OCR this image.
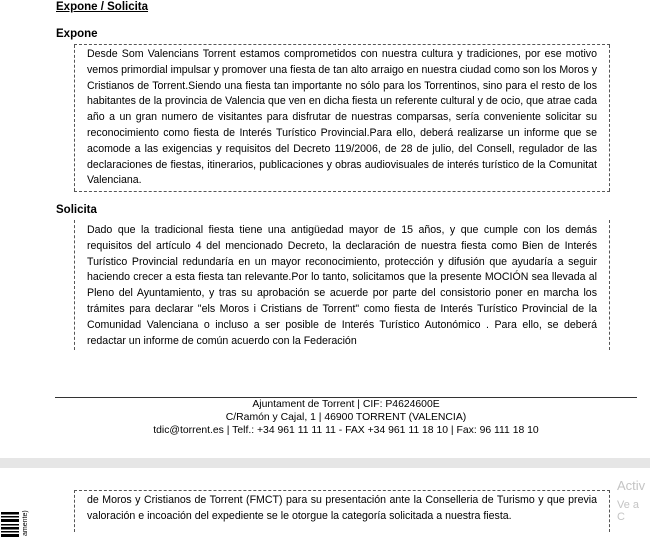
Expone / Solicita
Expone

Desde Som Valencians Torrent estamos comprometidos con nuestra cultura y tradiciones, por ese motivo vemos primordial impulsar y promover una fiesta de tan alto arraigo en nuestra ciudad como son los Moros y Cristianos de Torrent.Siendo una fiesta tan importante no sólo para los Torrentinos, sino para el resto de los habitantes de la provincia de Valencia que ven en dicha fiesta un referente cultural y de ocio, que atrae cada año a un gran numero de visitantes para disfrutar de nuestras comparsas, sería conveniente solicitar su reconocimiento como fiesta de Interés Turístico Provincial.Para ello, deberá realizarse un informe que se acomode a las exigencias y requisitos del Decreto 119/2006, de 28 de julio, del Consell, regulador de las declaraciones de fiestas, itinerarios, publicaciones y obras audiovisuales de interés turístico de la Comunitat Valenciana.

Solicita

Dado que la tradicional fiesta tiene una antigüedad mayor de 15 años, y que cumple con los demás requisitos del artículo 4 del mencionado Decreto, la declaración de nuestra fiesta como Bien de Interés Turístico Provincial redundaría en un mayor reconocimiento, protección y difusión que ayudaría a seguir haciendo crecer a esta fiesta tan relevante.Por lo tanto, solicitamos que la presente MOCIÓN sea llevada al Pleno del Ayuntamiento, y tras su aprobación se acuerde por parte del consistorio poner en marcha los trámites para declarar "els Moros i Cristians de Torrent" como fiesta de Interés Turístico Provincial de la Comunidad Valenciana o incluso a ser posible de Interés Turístico Autonómico . Para ello, se deberá redactar un informe de común acuerdo con la Federación

Ajuntament de Torrent | CIF: P4624600E
C/Ramón y Cajal, 1 | 46900 TORRENT (VALENCIA)
tdic@torrent.es | Telf.: +34 961 11 11 11 - FAX +34 961 11 18 10 | Fax: 96 111 18 10

de Moros y Cristianos de Torrent (FMCT) para su presentación ante la Conselleria de Turismo y que previa valoración e incoación del expediente se le otorgue la categoría solicitada a nuestra fiesta.

Activ
Ve a C
amente)
